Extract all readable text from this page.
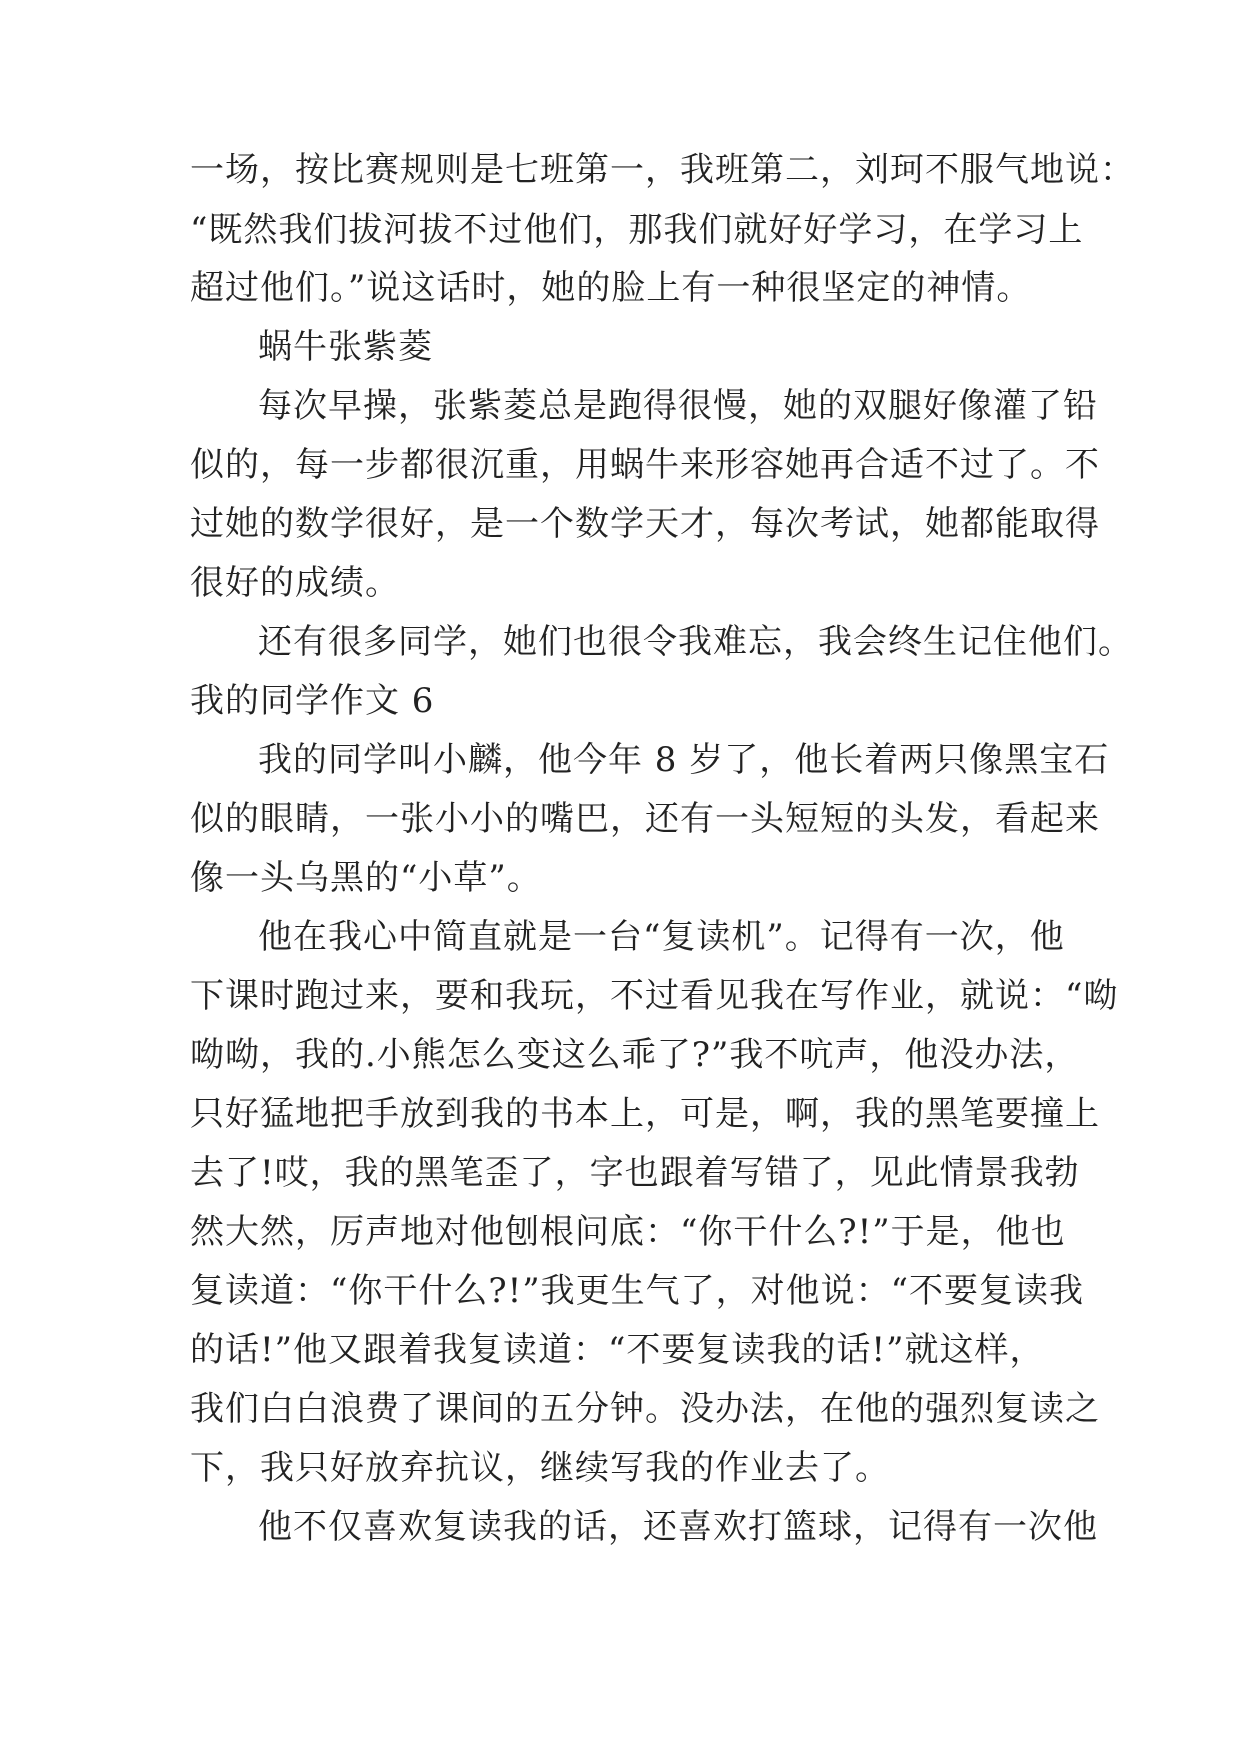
一场，按比赛规则是七班第一，我班第二，刘珂不服气地说：
“既然我们拔河拔不过他们，那我们就好好学习，在学习上
超过他们。”说这话时，她的脸上有一种很坚定的神情。
蜗牛张紫菱
每次早操，张紫菱总是跑得很慢，她的双腿好像灌了铅
似的，每一步都很沉重，用蜗牛来形容她再合适不过了。不
过她的数学很好，是一个数学天才，每次考试，她都能取得
很好的成绩。
还有很多同学，她们也很令我难忘，我会终生记住他们。
我的同学作文 6
我的同学叫小麟，他今年 8 岁了，他长着两只像黑宝石
似的眼睛，一张小小的嘴巴，还有一头短短的头发，看起来
像一头乌黑的“小草”。
他在我心中简直就是一台“复读机”。记得有一次，他
下课时跑过来，要和我玩，不过看见我在写作业，就说：“呦
呦呦，我的.小熊怎么变这么乖了?”我不吭声，他没办法，
只好猛地把手放到我的书本上，可是，啊，我的黑笔要撞上
去了!哎，我的黑笔歪了，字也跟着写错了，见此情景我勃
然大然，厉声地对他刨根问底：“你干什么?!”于是，他也
复读道：“你干什么?!”我更生气了，对他说：“不要复读我
的话!”他又跟着我复读道：“不要复读我的话!”就这样，
我们白白浪费了课间的五分钟。没办法，在他的强烈复读之
下，我只好放弃抗议，继续写我的作业去了。
他不仅喜欢复读我的话，还喜欢打篮球，记得有一次他
